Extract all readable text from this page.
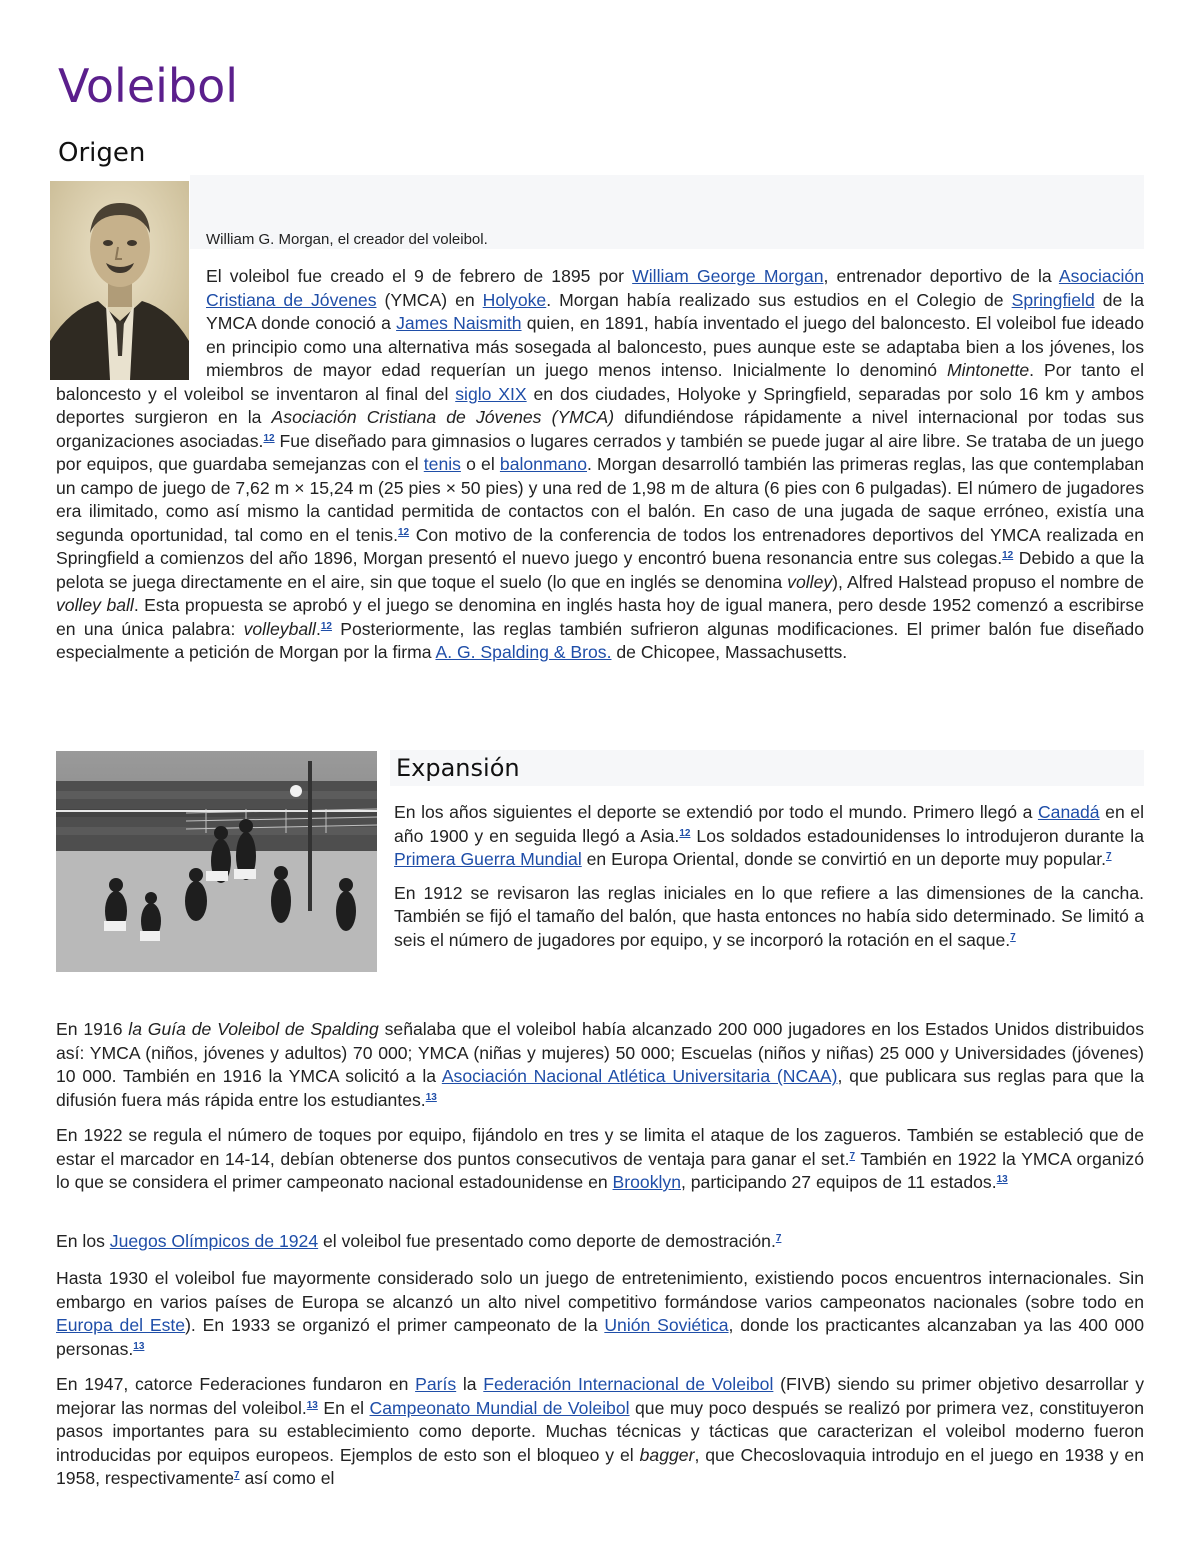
Voleibol
Origen
William G. Morgan, el creador del voleibol.

El voleibol fue creado el 9 de febrero de 1895 por William George Morgan, entrenador deportivo de la Asociación Cristiana de Jóvenes (YMCA) en Holyoke. Morgan había realizado sus estudios en el Colegio de Springfield de la YMCA donde conoció a James Naismith quien, en 1891, había inventado el juego del baloncesto. El voleibol fue ideado en principio como una alternativa más sosegada al baloncesto, pues aunque este se adaptaba bien a los jóvenes, los miembros de mayor edad requerían un juego menos intenso. Inicialmente lo denominó Mintonette. Por tanto el baloncesto y el voleibol se inventaron al final del siglo XIX en dos ciudades, Holyoke y Springfield, separadas por solo 16 km y ambos deportes surgieron en la Asociación Cristiana de Jóvenes (YMCA) difundiéndose rápidamente a nivel internacional por todas sus organizaciones asociadas.$^{12}$ Fue diseñado para gimnasios o lugares cerrados y también se puede jugar al aire libre. Se trataba de un juego por equipos, que guardaba semejanzas con el tenis o el balonmano. Morgan desarrolló también las primeras reglas, las que contemplaban un campo de juego de 7,62 m × 15,24 m (25 pies × 50 pies) y una red de 1,98 m de altura (6 pies con 6 pulgadas). El número de jugadores era ilimitado, como así mismo la cantidad permitida de contactos con el balón. En caso de una jugada de saque erróneo, existía una segunda oportunidad, tal como en el tenis.$^{12}$ Con motivo de la conferencia de todos los entrenadores deportivos del YMCA realizada en Springfield a comienzos del año 1896, Morgan presentó el nuevo juego y encontró buena resonancia entre sus colegas.$^{12}$ Debido a que la pelota se juega directamente en el aire, sin que toque el suelo (lo que en inglés se denomina volley), Alfred Halstead propuso el nombre de volley ball. Esta propuesta se aprobó y el juego se denomina en inglés hasta hoy de igual manera, pero desde 1952 comenzó a escribirse en una única palabra: volleyball.$^{12}$ Posteriormente, las reglas también sufrieron algunas modificaciones. El primer balón fue diseñado especialmente a petición de Morgan por la firma A. G. Spalding & Bros. de Chicopee, Massachusetts.

Expansión

En los años siguientes el deporte se extendió por todo el mundo. Primero llegó a Canadá en el año 1900 y en seguida llegó a Asia.$^{12}$ Los soldados estadounidenses lo introdujeron durante la Primera Guerra Mundial en Europa Oriental, donde se convirtió en un deporte muy popular.$^7$

En 1912 se revisaron las reglas iniciales en lo que refiere a las dimensiones de la cancha. También se fijó el tamaño del balón, que hasta entonces no había sido determinado. Se limitó a seis el número de jugadores por equipo, y se incorporó la rotación en el saque.$^7$

En 1916 la Guía de Voleibol de Spalding señalaba que el voleibol había alcanzado 200 000 jugadores en los Estados Unidos distribuidos así: YMCA (niños, jóvenes y adultos) 70 000; YMCA (niñas y mujeres) 50 000; Escuelas (niños y niñas) 25 000 y Universidades (jóvenes) 10 000. También en 1916 la YMCA solicitó a la Asociación Nacional Atlética Universitaria (NCAA), que publicara sus reglas para que la difusión fuera más rápida entre los estudiantes.$^{13}$

En 1922 se regula el número de toques por equipo, fijándolo en tres y se limita el ataque de los zagueros. También se estableció que de estar el marcador en 14-14, debían obtenerse dos puntos consecutivos de ventaja para ganar el set.$^7$ También en 1922 la YMCA organizó lo que se considera el primer campeonato nacional estadounidense en Brooklyn, participando 27 equipos de 11 estados.$^{13}$

En los Juegos Olímpicos de 1924 el voleibol fue presentado como deporte de demostración.$^7$

Hasta 1930 el voleibol fue mayormente considerado solo un juego de entretenimiento, existiendo pocos encuentros internacionales. Sin embargo en varios países de Europa se alcanzó un alto nivel competitivo formándose varios campeonatos nacionales (sobre todo en Europa del Este). En 1933 se organizó el primer campeonato de la Unión Soviética, donde los practicantes alcanzaban ya las 400 000 personas.$^{13}$

En 1947, catorce Federaciones fundaron en París la Federación Internacional de Voleibol (FIVB) siendo su primer objetivo desarrollar y mejorar las normas del voleibol.$^{13}$ En el Campeonato Mundial de Voleibol que muy poco después se realizó por primera vez, constituyeron pasos importantes para su establecimiento como deporte. Muchas técnicas y tácticas que caracterizan el voleibol moderno fueron introducidas por equipos europeos. Ejemplos de esto son el bloqueo y el bagger, que Checoslovaquia introdujo en el juego en 1938 y en 1958, respectivamente$^7$ así como el
